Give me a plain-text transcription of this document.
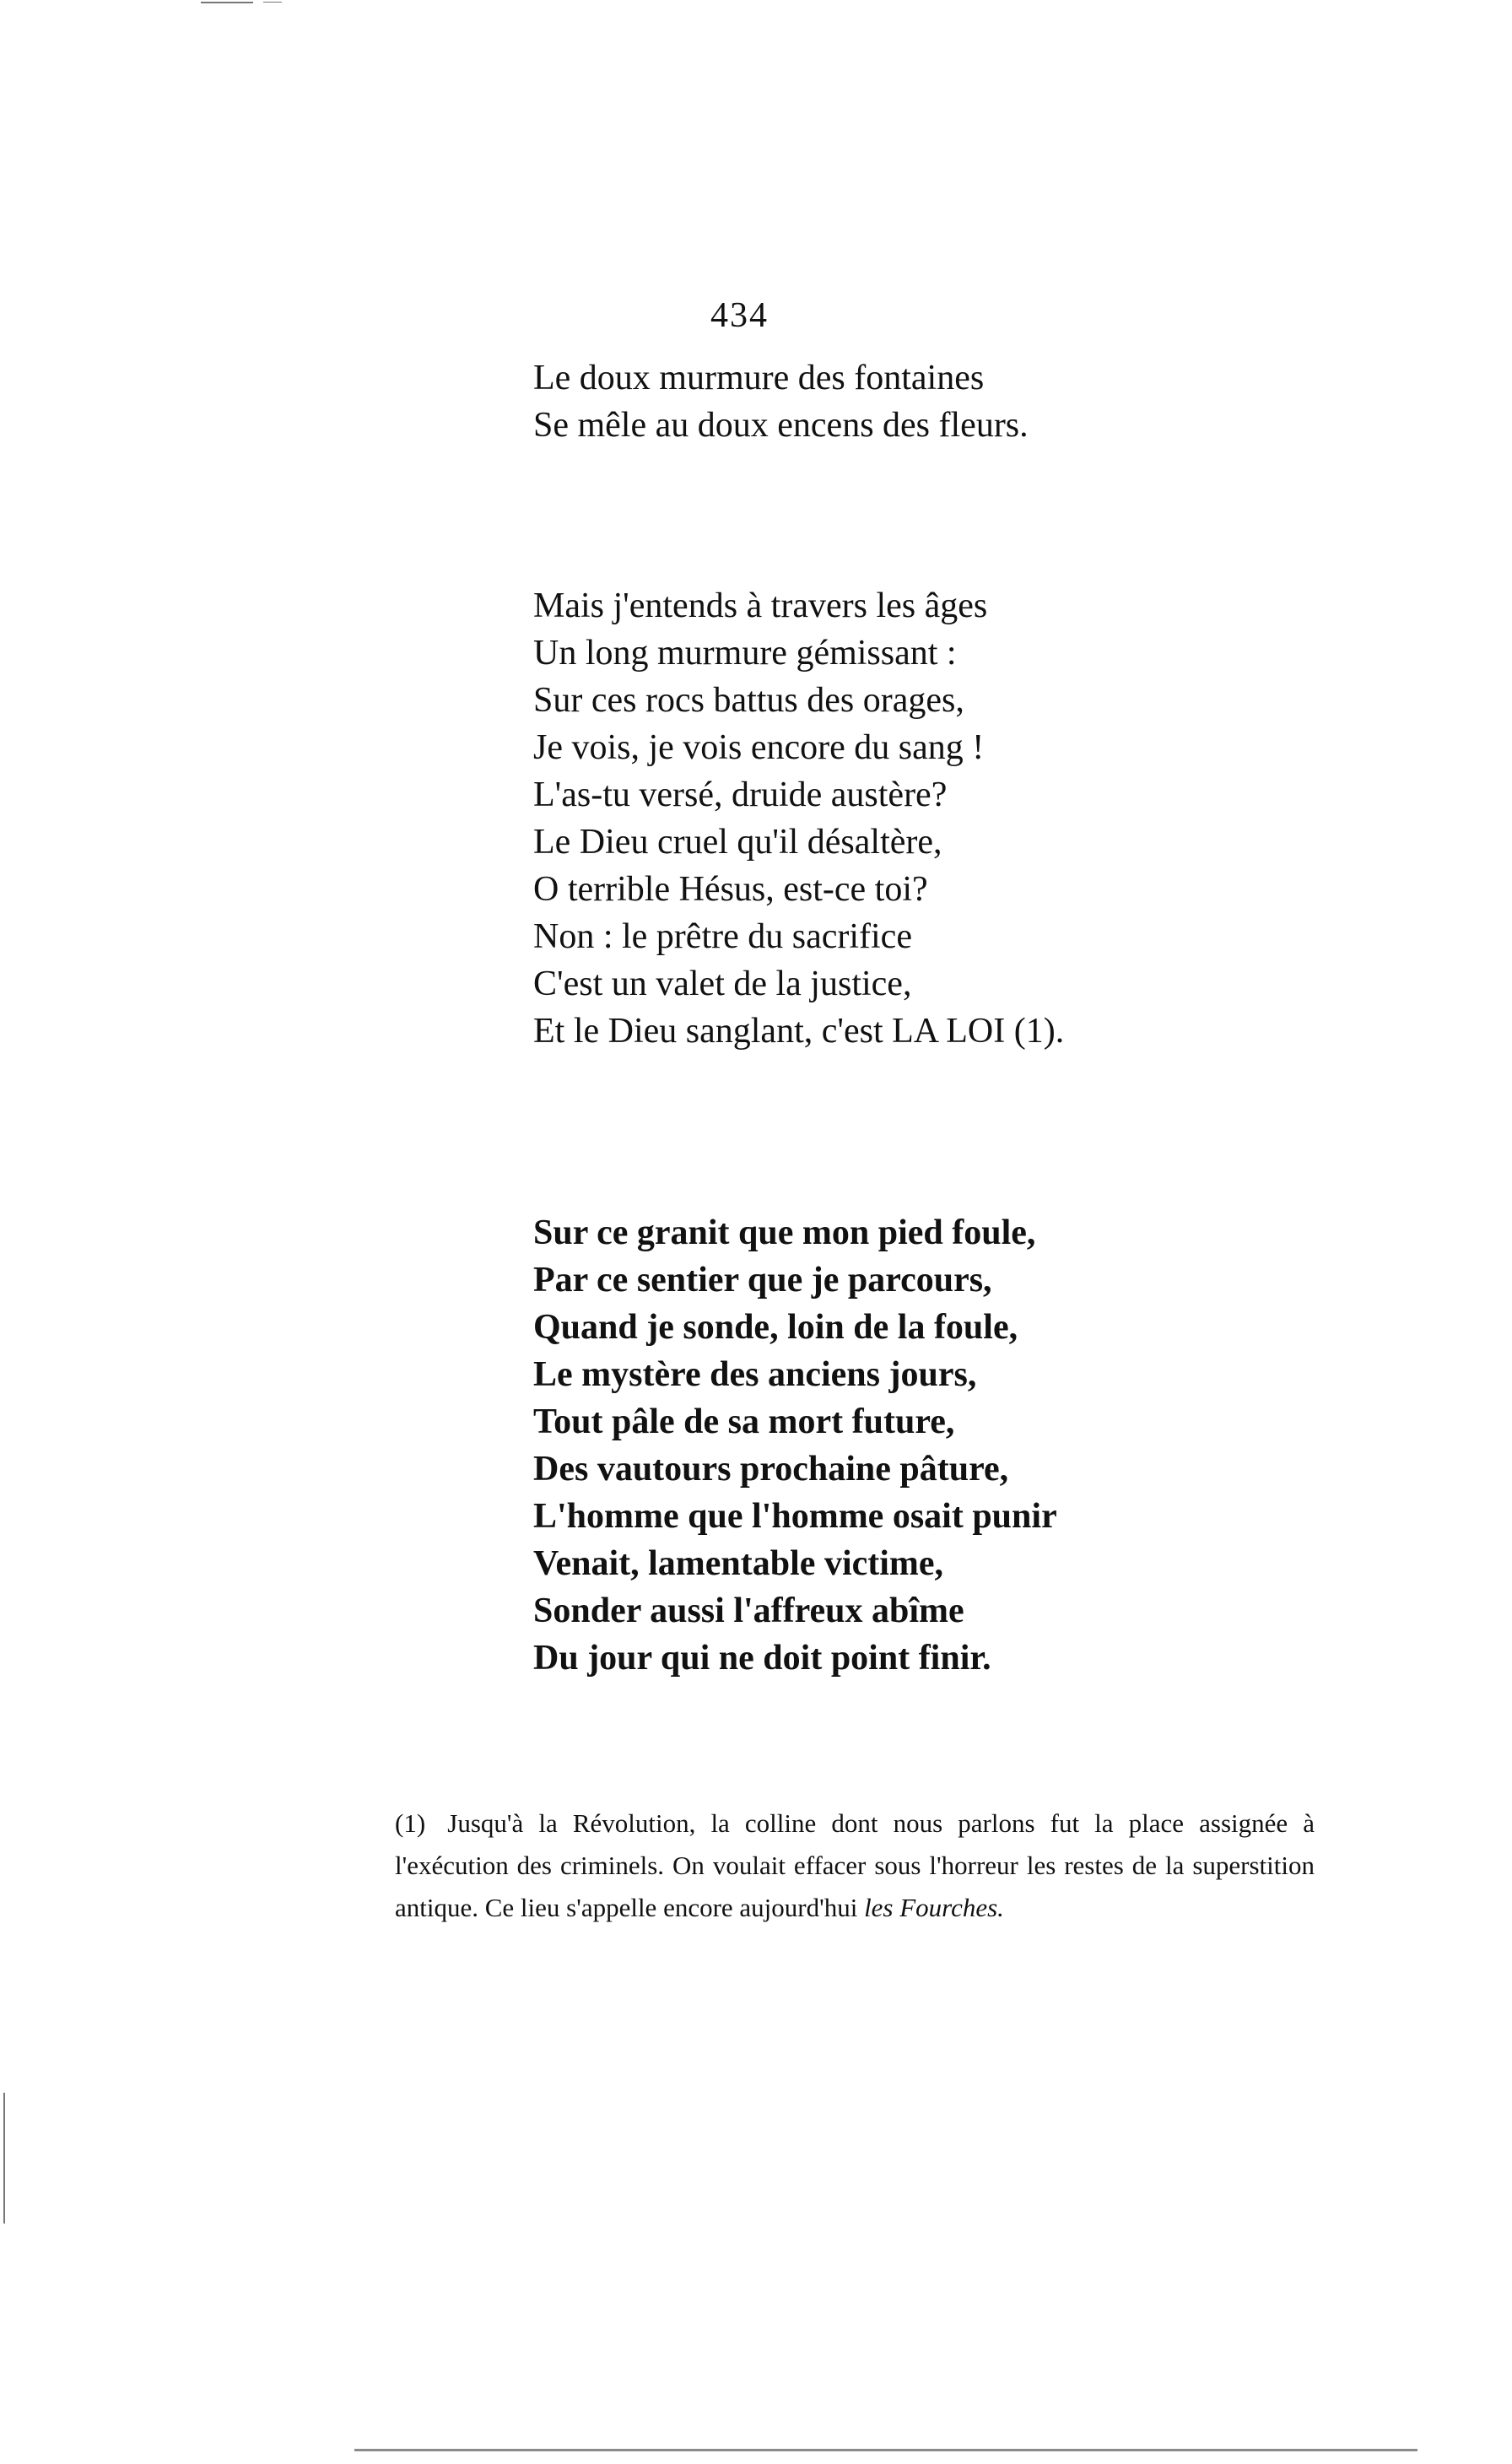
434
Le doux murmure des fontaines
Se mêle au doux encens des fleurs.
Mais j'entends à travers les âges
Un long murmure gémissant :
Sur ces rocs battus des orages,
Je vois, je vois encore du sang !
L'as-tu versé, druide austère?
Le Dieu cruel qu'il désaltère,
O terrible Hésus, est-ce toi?
Non : le prêtre du sacrifice
C'est un valet de la justice,
Et le Dieu sanglant, c'est LA LOI (1).
Sur ce granit que mon pied foule,
Par ce sentier que je parcours,
Quand je sonde, loin de la foule,
Le mystère des anciens jours,
Tout pâle de sa mort future,
Des vautours prochaine pâture,
L'homme que l'homme osait punir
Venait, lamentable victime,
Sonder aussi l'affreux abîme
Du jour qui ne doit point finir.

(1) Jusqu'à la Révolution, la colline dont nous parlons fut la place assignée à l'exécution des criminels. On voulait effacer sous l'horreur les restes de la superstition antique. Ce lieu s'appelle encore aujourd'hui les Fourches.
